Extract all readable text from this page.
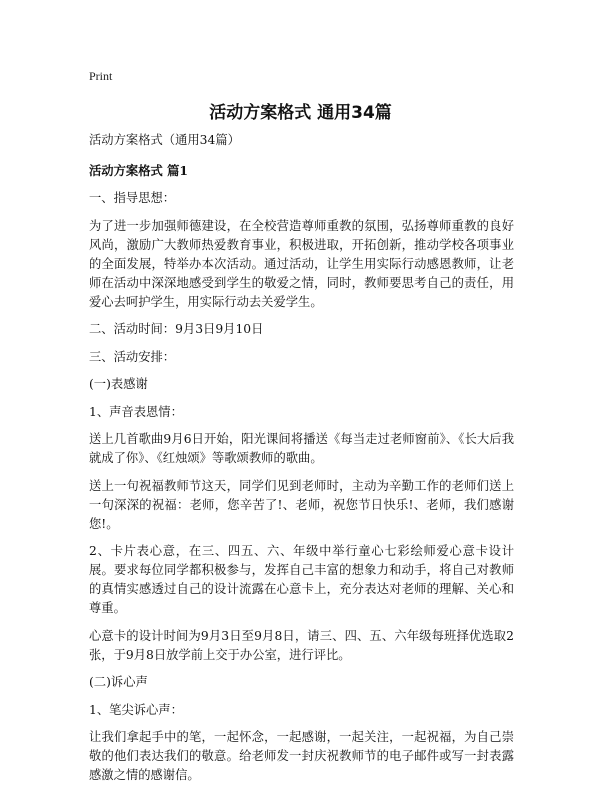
Print
活动方案格式 通用34篇

活动方案格式（通用34篇）

活动方案格式 篇1

一、指导思想：

为了进一步加强师德建设，在全校营造尊师重教的氛围，弘扬尊师重教的良好风尚，激励广大教师热爱教育事业，积极进取，开拓创新，推动学校各项事业的全面发展，特举办本次活动。通过活动，让学生用实际行动感恩教师，让老师在活动中深深地感受到学生的敬爱之情，同时，教师要思考自己的责任，用爱心去呵护学生，用实际行动去关爱学生。

二、活动时间：9月3日9月10日

三、活动安排：

(一)表感谢

1、声音表恩情：

送上几首歌曲9月6日开始，阳光课间将播送《每当走过老师窗前》、《长大后我就成了你》、《红烛颂》等歌颂教师的歌曲。

送上一句祝福教师节这天，同学们见到老师时，主动为辛勤工作的老师们送上一句深深的祝福：老师，您辛苦了!、老师，祝您节日快乐!、老师，我们感谢您!。

2、卡片表心意，在三、四五、六、年级中举行童心七彩绘师爱心意卡设计展。要求每位同学都积极参与，发挥自己丰富的想象力和动手，将自己对教师的真情实感透过自己的设计流露在心意卡上，充分表达对老师的理解、关心和尊重。

心意卡的设计时间为9月3日至9月8日，请三、四、五、六年级每班择优选取2张，于9月8日放学前上交于办公室，进行评比。

(二)诉心声

1、笔尖诉心声：

让我们拿起手中的笔，一起怀念，一起感谢，一起关注，一起祝福，为自己崇敬的他们表达我们的敬意。给老师发一封庆祝教师节的电子邮件或写一封表露感激之情的感谢信。
